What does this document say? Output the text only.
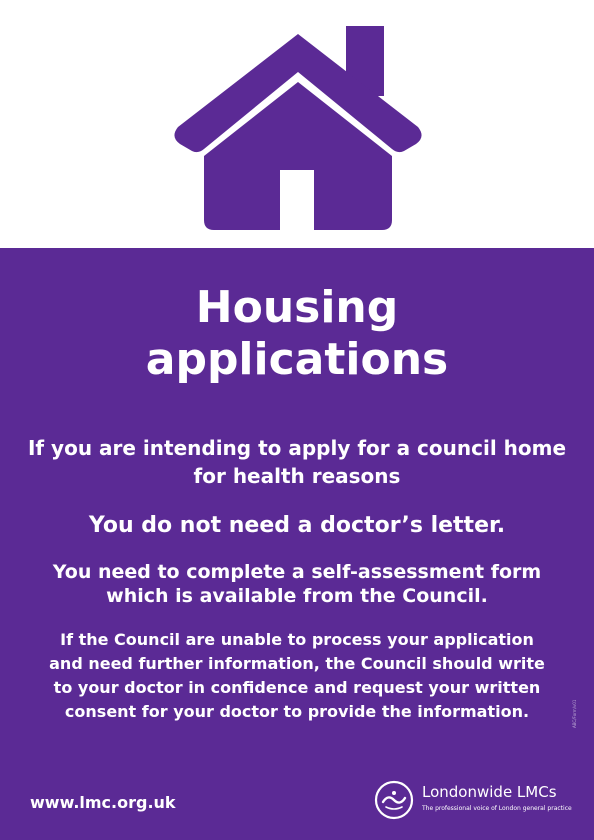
Housing
applications
If you are intending to apply for a council home
for health reasons
You do not need a doctor’s letter.
You need to complete a self-assessment form
which is available from the Council.
If the Council are unable to process your application
and need further information, the Council should write
to your doctor in confidence and request your written
consent for your doctor to provide the information.	ABC/Form/v01
www.lmc.org.uk
Londonwide LMCs
The professional voice of London general practice
